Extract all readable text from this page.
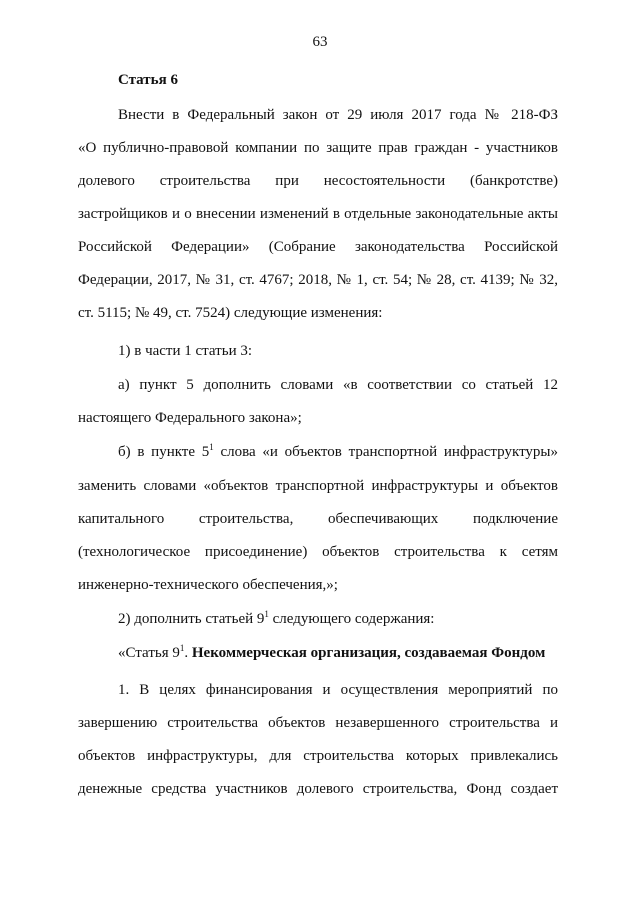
63
Статья 6
Внести в Федеральный закон от 29 июля 2017 года № 218-ФЗ
«О публично-правовой компании по защите прав граждан - участников
долевого строительства при несостоятельности (банкротстве)
застройщиков и о внесении изменений в отдельные законодательные акты
Российской Федерации» (Собрание законодательства Российской
Федерации, 2017, № 31, ст. 4767; 2018, № 1, ст. 54; № 28, ст. 4139; № 32,
ст. 5115; № 49, ст. 7524) следующие изменения:
1) в части 1 статьи 3:
а) пункт 5 дополнить словами «в соответствии со статьей 12
настоящего Федерального закона»;
б) в пункте $5^1$ слова «и объектов транспортной инфраструктуры»
заменить словами «объектов транспортной инфраструктуры и объектов
капитального строительства, обеспечивающих подключение
(технологическое присоединение) объектов строительства к сетям
инженерно-технического обеспечения,»;
2) дополнить статьей $9^1$ следующего содержания:
«Статья $9^1$. Некоммерческая организация, создаваемая Фондом
1. В целях финансирования и осуществления мероприятий по
завершению строительства объектов незавершенного строительства и
объектов инфраструктуры, для строительства которых привлекались
денежные средства участников долевого строительства, Фонд создает
